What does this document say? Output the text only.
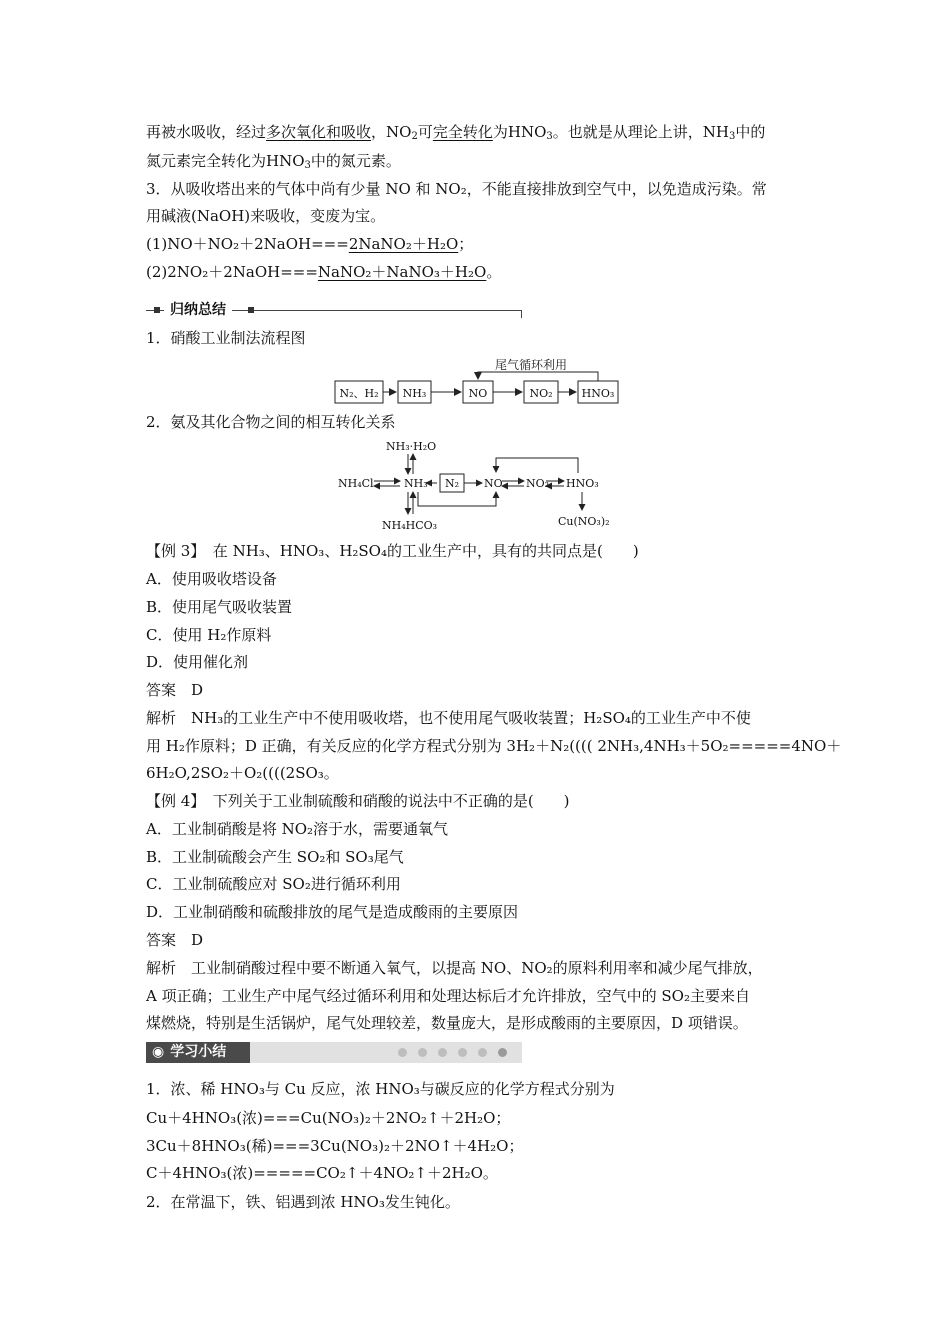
再被水吸收，经过多次氧化和吸收，$NO_2$可完全转化为$HNO_3$。也就是从理论上讲，$NH_3$中的
氮元素完全转化为$HNO_3$中的氮元素。
3．从吸收塔出来的气体中尚有少量 NO 和 NO₂，不能直接排放到空气中，以免造成污染。常
用碱液(NaOH)来吸收，变废为宝。
(1)NO＋NO₂＋2NaOH===2NaNO₂＋H₂O；
(2)2NO₂＋2NaOH===NaNO₂＋NaNO₃＋H₂O。
归纳总结
1．硝酸工业制法流程图
尾气循环利用
N₂、H₂ NH₃	NO	NO₂	HNO₃
2．氨及其化合物之间的相互转化关系
NH₃·H₂O
NH₄Cl	NH₃ N₂ NO NO₂ HNO₃
NH₄HCO₃	Cu(NO₃)₂
【例 3】　在 NH₃、HNO₃、H₂SO₄的工业生产中，具有的共同点是(　　)
A．使用吸收塔设备
B．使用尾气吸收装置
C．使用 H₂作原料
D．使用催化剂
答案　D
解析　NH₃的工业生产中不使用吸收塔，也不使用尾气吸收装置；H₂SO₄的工业生产中不使
用 H₂作原料；D 正确，有关反应的化学方程式分别为 3H₂＋N₂(((( 2NH₃,4NH₃＋5O₂=====4NO＋
6H₂O,2SO₂＋O₂((((2SO₃。
【例 4】　下列关于工业制硫酸和硝酸的说法中不正确的是(　　)
A．工业制硝酸是将 NO₂溶于水，需要通氧气
B．工业制硫酸会产生 SO₂和 SO₃尾气
C．工业制硫酸应对 SO₂进行循环利用
D．工业制硝酸和硫酸排放的尾气是造成酸雨的主要原因
答案　D
解析　工业制硝酸过程中要不断通入氧气，以提高 NO、NO₂的原料利用率和减少尾气排放，
A 项正确；工业生产中尾气经过循环利用和处理达标后才允许排放，空气中的 SO₂主要来自
煤燃烧，特别是生活锅炉，尾气处理较差，数量庞大，是形成酸雨的主要原因，D 项错误。
◉ 学习小结
1．浓、稀 HNO₃与 Cu 反应，浓 HNO₃与碳反应的化学方程式分别为
Cu＋4HNO₃(浓)===Cu(NO₃)₂＋2NO₂↑＋2H₂O；
3Cu＋8HNO₃(稀)===3Cu(NO₃)₂＋2NO↑＋4H₂O；
C＋4HNO₃(浓)=====CO₂↑＋4NO₂↑＋2H₂O。
2．在常温下，铁、铝遇到浓 HNO₃发生钝化。
